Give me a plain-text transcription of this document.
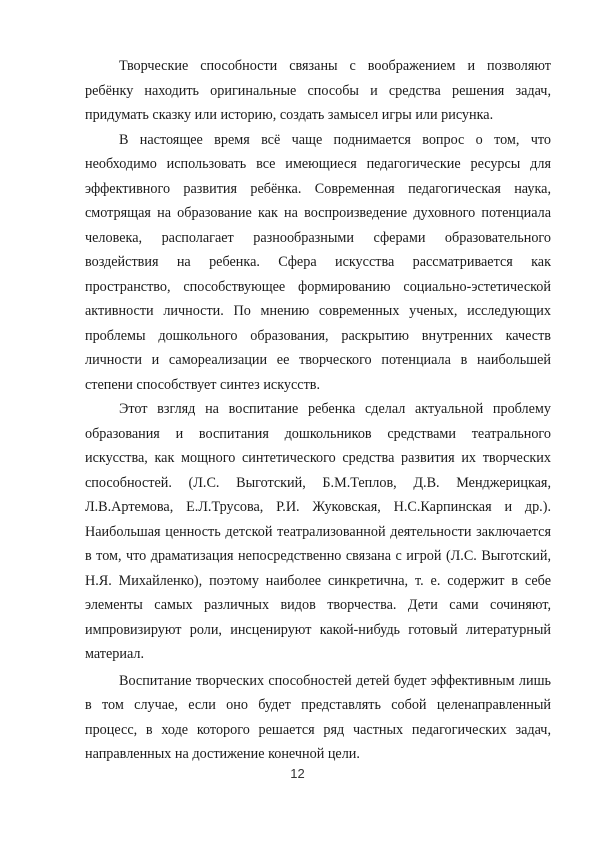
Творческие способности связаны с воображением и позволяют ребёнку находить оригинальные способы и средства решения задач, придумать сказку или историю, создать замысел игры или рисунка.

В настоящее время всё чаще поднимается вопрос о том, что необходимо использовать все имеющиеся педагогические ресурсы для эффективного развития ребёнка. Современная педагогическая наука, смотрящая на образование как на воспроизведение духовного потенциала человека, располагает разнообразными сферами образовательного воздействия на ребенка. Сфера искусства рассматривается как пространство, способствующее формированию социально-эстетической активности личности. По мнению современных ученых, исследующих проблемы дошкольного образования, раскрытию внутренних качеств личности и самореализации ее творческого потенциала в наибольшей степени способствует синтез искусств.

Этот взгляд на воспитание ребенка сделал актуальной проблему образования и воспитания дошкольников средствами театрального искусства, как мощного синтетического средства развития их творческих способностей. (Л.С. Выготский, Б.М.Теплов, Д.В. Менджерицкая, Л.В.Артемова, Е.Л.Трусова, Р.И. Жуковская, Н.С.Карпинская и др.). Наибольшая ценность детской театрализованной деятельности заключается в том, что драматизация непосредственно связана с игрой (Л.С. Выготский, Н.Я. Михайленко), поэтому наиболее синкретична, т. е. содержит в себе элементы самых различных видов творчества. Дети сами сочиняют, импровизируют роли, инсценируют какой-нибудь готовый литературный материал.

Воспитание творческих способностей детей будет эффективным лишь в том случае, если оно будет представлять собой целенаправленный процесс, в ходе которого решается ряд частных педагогических задач, направленных на достижение конечной цели.

12
